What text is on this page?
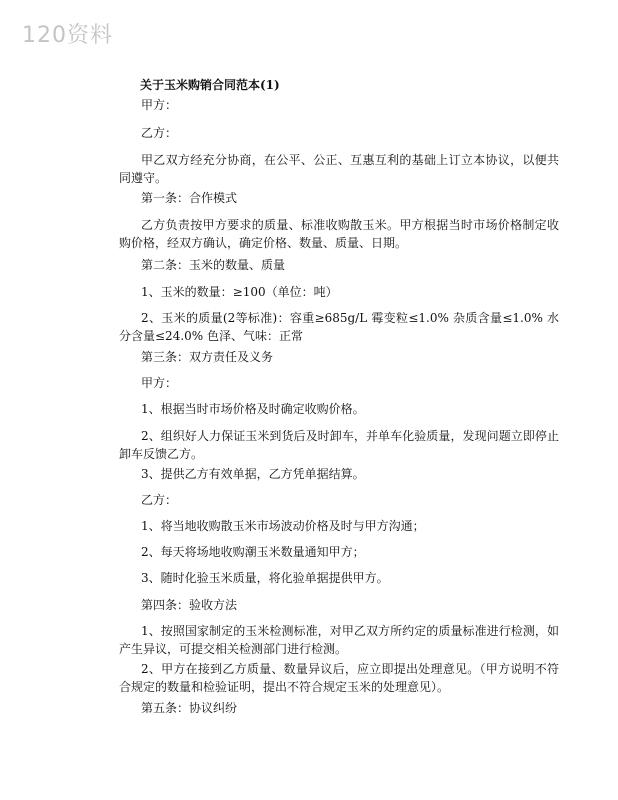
120资料
关于玉米购销合同范本(1)

甲方：

乙方：

甲乙双方经充分协商，在公平、公正、互惠互利的基础上订立本协议，以便共同遵守。

第一条：合作模式

乙方负责按甲方要求的质量、标准收购散玉米。甲方根据当时市场价格制定收购价格，经双方确认，确定价格、数量、质量、日期。

第二条：玉米的数量、质量

1、玉米的数量：≥100（单位：吨）

2、玉米的质量(2等标准)：容重≥685g/L 霉变粒≤1.0% 杂质含量≤1.0% 水分含量≤24.0% 色泽、气味：正常

第三条：双方责任及义务

甲方：

1、根据当时市场价格及时确定收购价格。

2、组织好人力保证玉米到货后及时卸车，并单车化验质量，发现问题立即停止卸车反馈乙方。

3、提供乙方有效单据，乙方凭单据结算。

乙方：

1、将当地收购散玉米市场波动价格及时与甲方沟通；

2、每天将场地收购潮玉米数量通知甲方；

3、随时化验玉米质量，将化验单据提供甲方。

第四条：验收方法

1、按照国家制定的玉米检测标准，对甲乙双方所约定的质量标准进行检测，如产生异议，可提交相关检测部门进行检测。

2、甲方在接到乙方质量、数量异议后，应立即提出处理意见。（甲方说明不符合规定的数量和检验证明，提出不符合规定玉米的处理意见）。

第五条：协议纠纷
